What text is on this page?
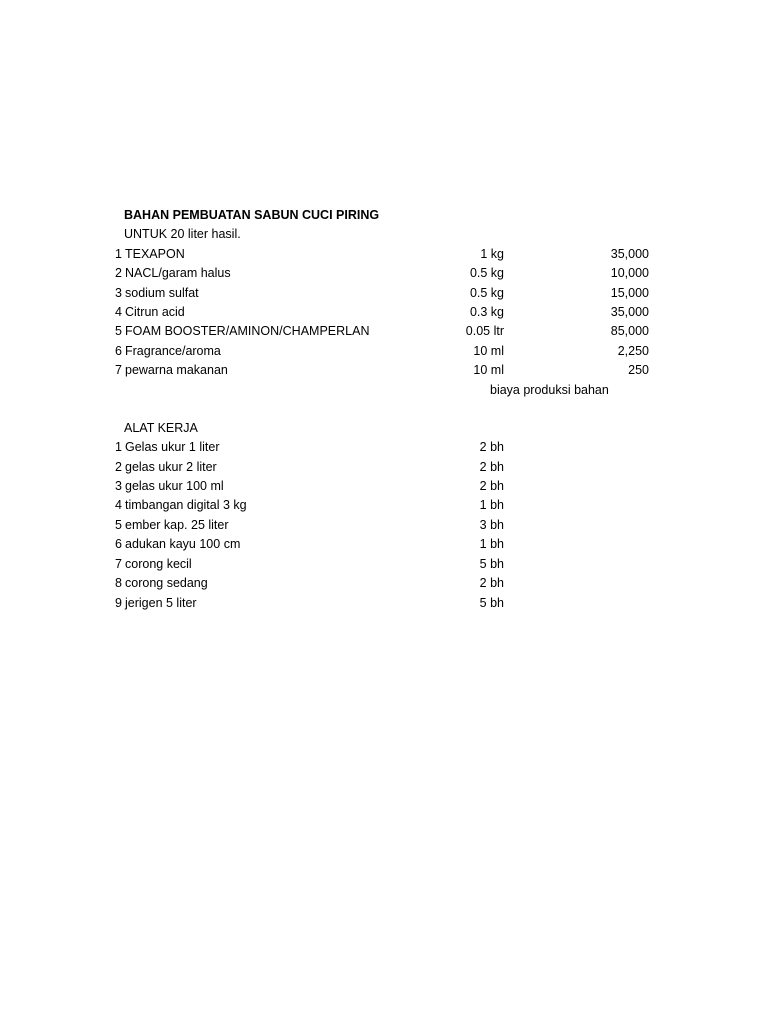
BAHAN PEMBUATAN SABUN CUCI PIRING
UNTUK 20 liter hasil.
1 TEXAPON	1 kg	35,000
2 NACL/garam halus	0.5 kg	10,000
3 sodium sulfat	0.5 kg	15,000
4 Citrun acid	0.3 kg	35,000
5 FOAM BOOSTER/AMINON/CHAMPERLAN	0.05 ltr	85,000
6 Fragrance/aroma	10 ml	2,250
7 pewarna makanan	10 ml	250
biaya produksi bahan
ALAT KERJA
1 Gelas ukur 1 liter	2 bh
2 gelas ukur 2 liter	2 bh
3 gelas ukur 100 ml	2 bh
4 timbangan digital 3 kg	1 bh
5 ember kap. 25 liter	3 bh
6 adukan kayu 100 cm	1 bh
7 corong kecil	5 bh
8 corong sedang	2 bh
9 jerigen 5 liter	5 bh
